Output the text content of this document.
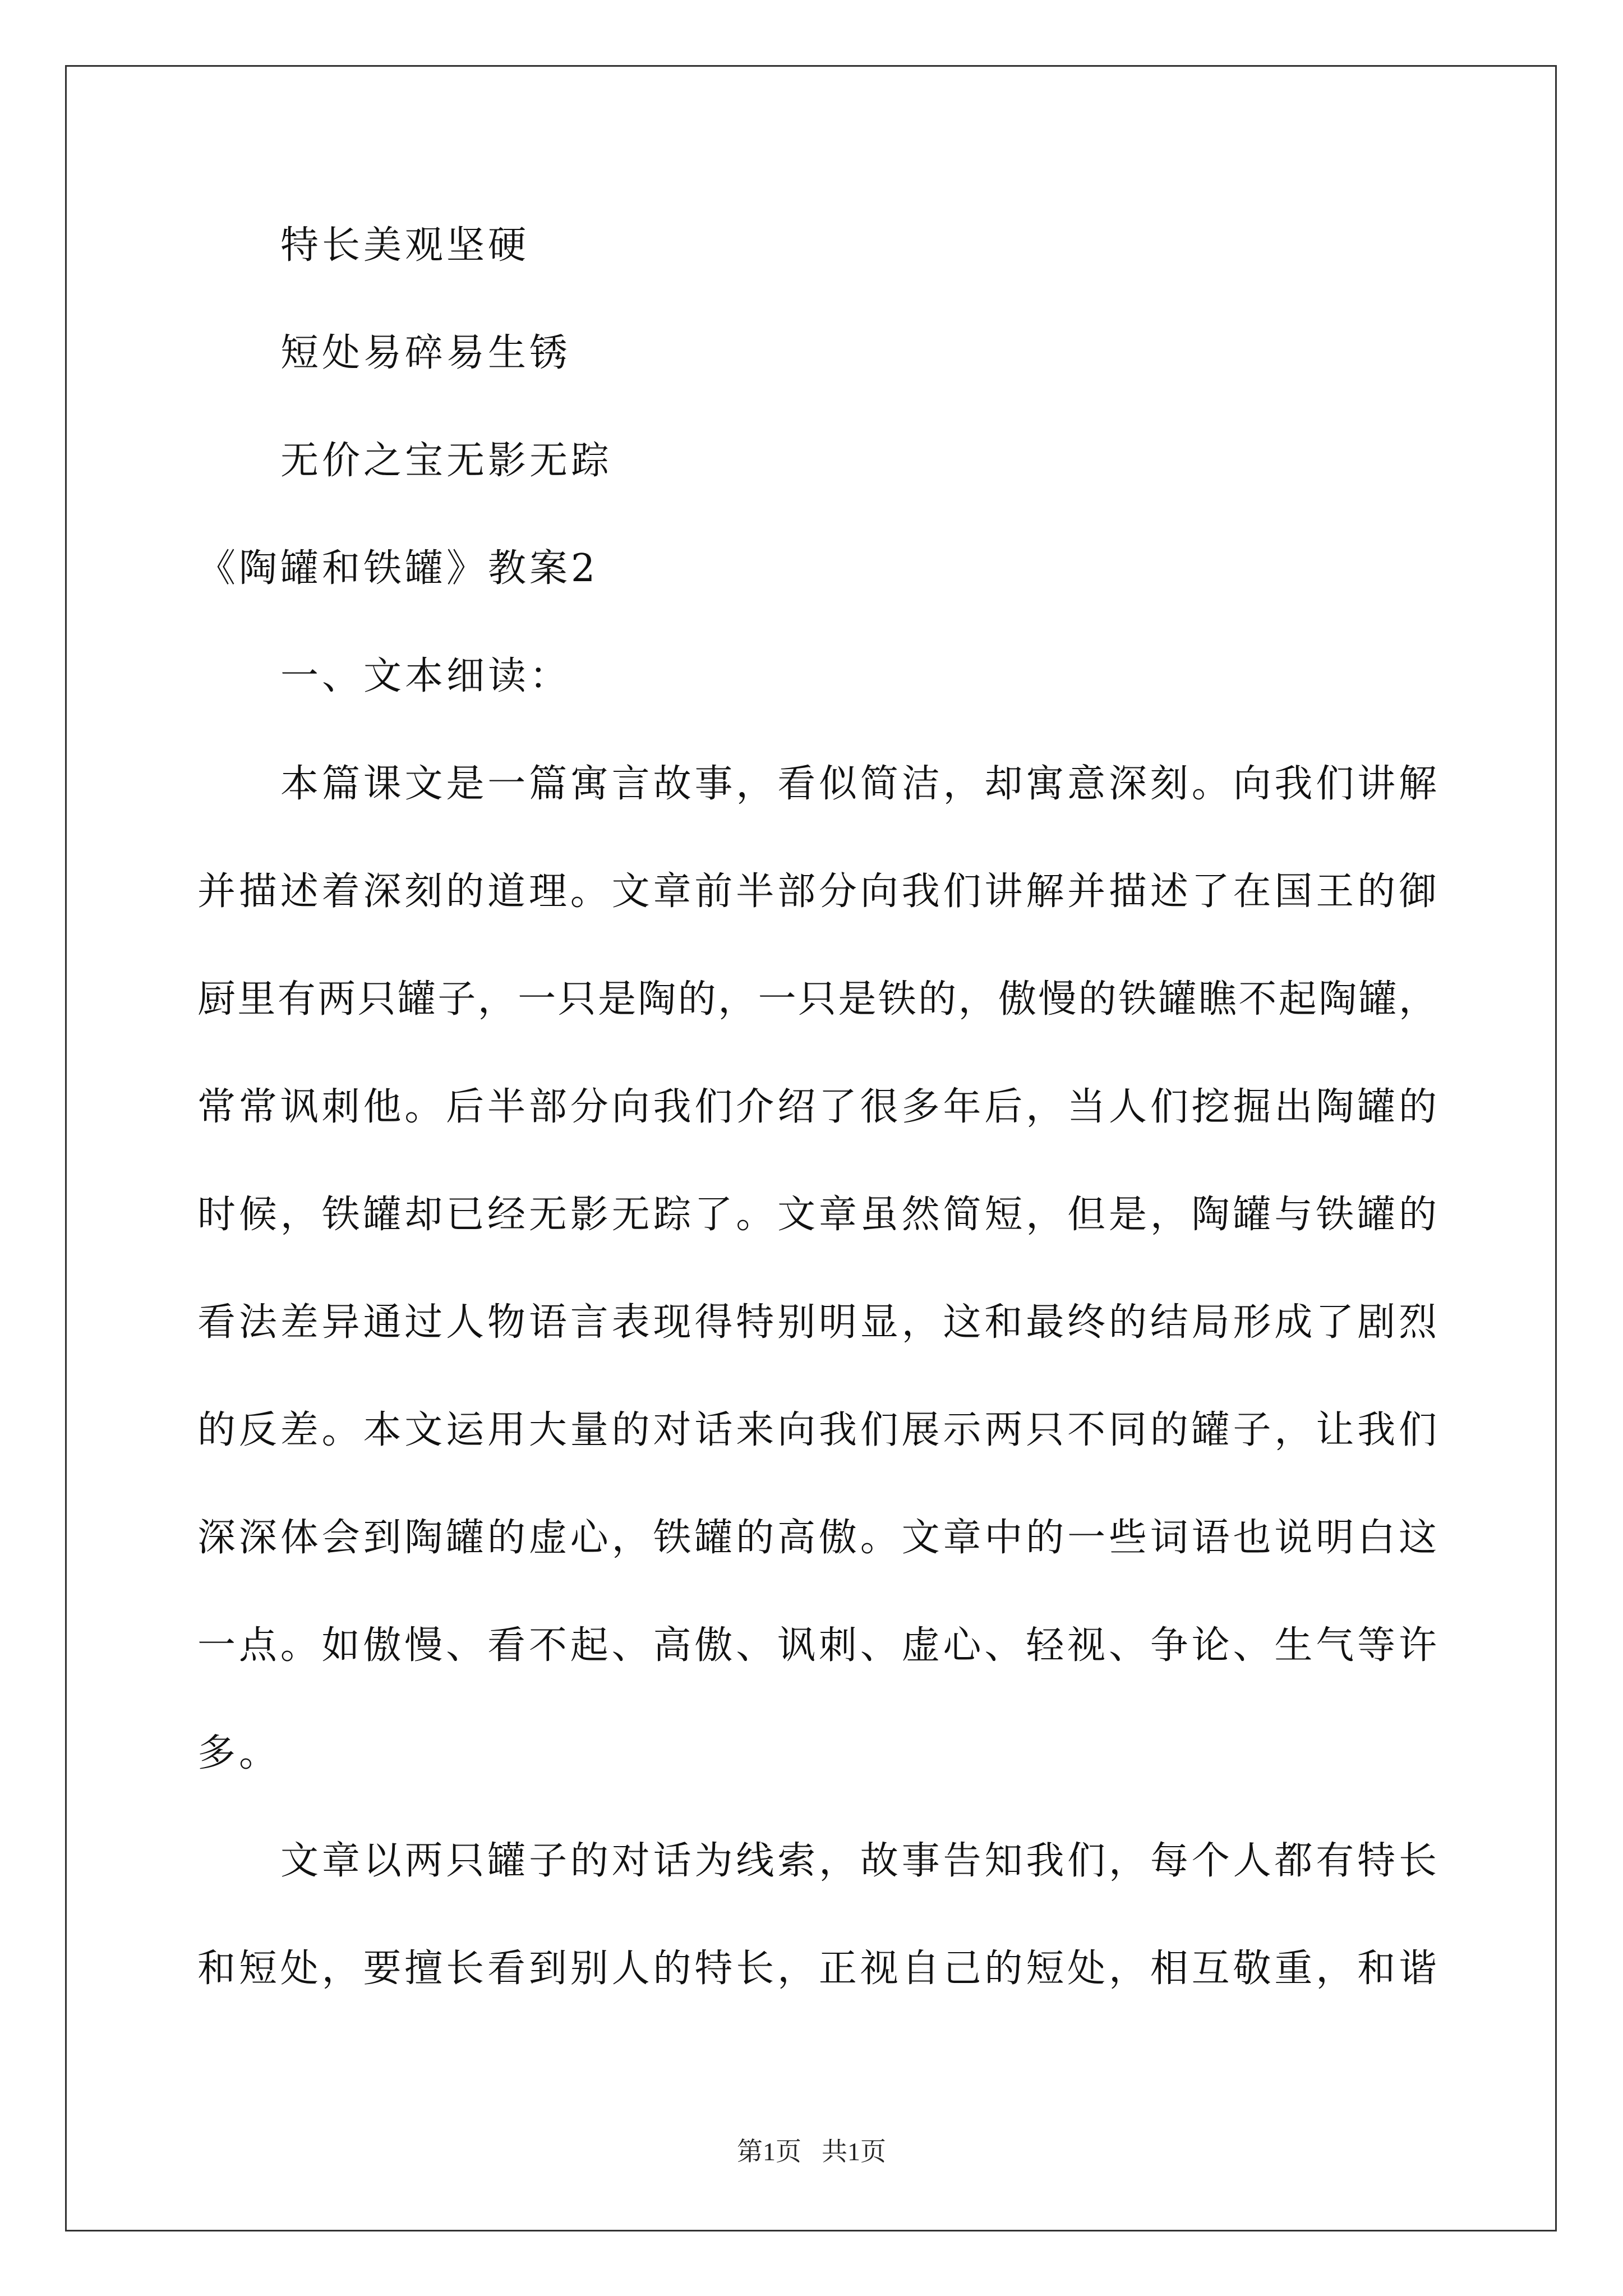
特长美观坚硬
短处易碎易生锈
无价之宝无影无踪
《陶罐和铁罐》教案2
一、文本细读：
本篇课文是一篇寓言故事，看似简洁，却寓意深刻。向我们讲解
并描述着深刻的道理。文章前半部分向我们讲解并描述了在国王的御
厨里有两只罐子，一只是陶的，一只是铁的，傲慢的铁罐瞧不起陶罐，
常常讽刺他。后半部分向我们介绍了很多年后，当人们挖掘出陶罐的
时候，铁罐却已经无影无踪了。文章虽然简短，但是，陶罐与铁罐的
看法差异通过人物语言表现得特别明显，这和最终的结局形成了剧烈
的反差。本文运用大量的对话来向我们展示两只不同的罐子，让我们
深深体会到陶罐的虚心，铁罐的高傲。文章中的一些词语也说明白这
一点。如傲慢、看不起、高傲、讽刺、虚心、轻视、争论、生气等许
多。
文章以两只罐子的对话为线索，故事告知我们，每个人都有特长
和短处，要擅长看到别人的特长，正视自己的短处，相互敬重，和谐
第1页 共1页
